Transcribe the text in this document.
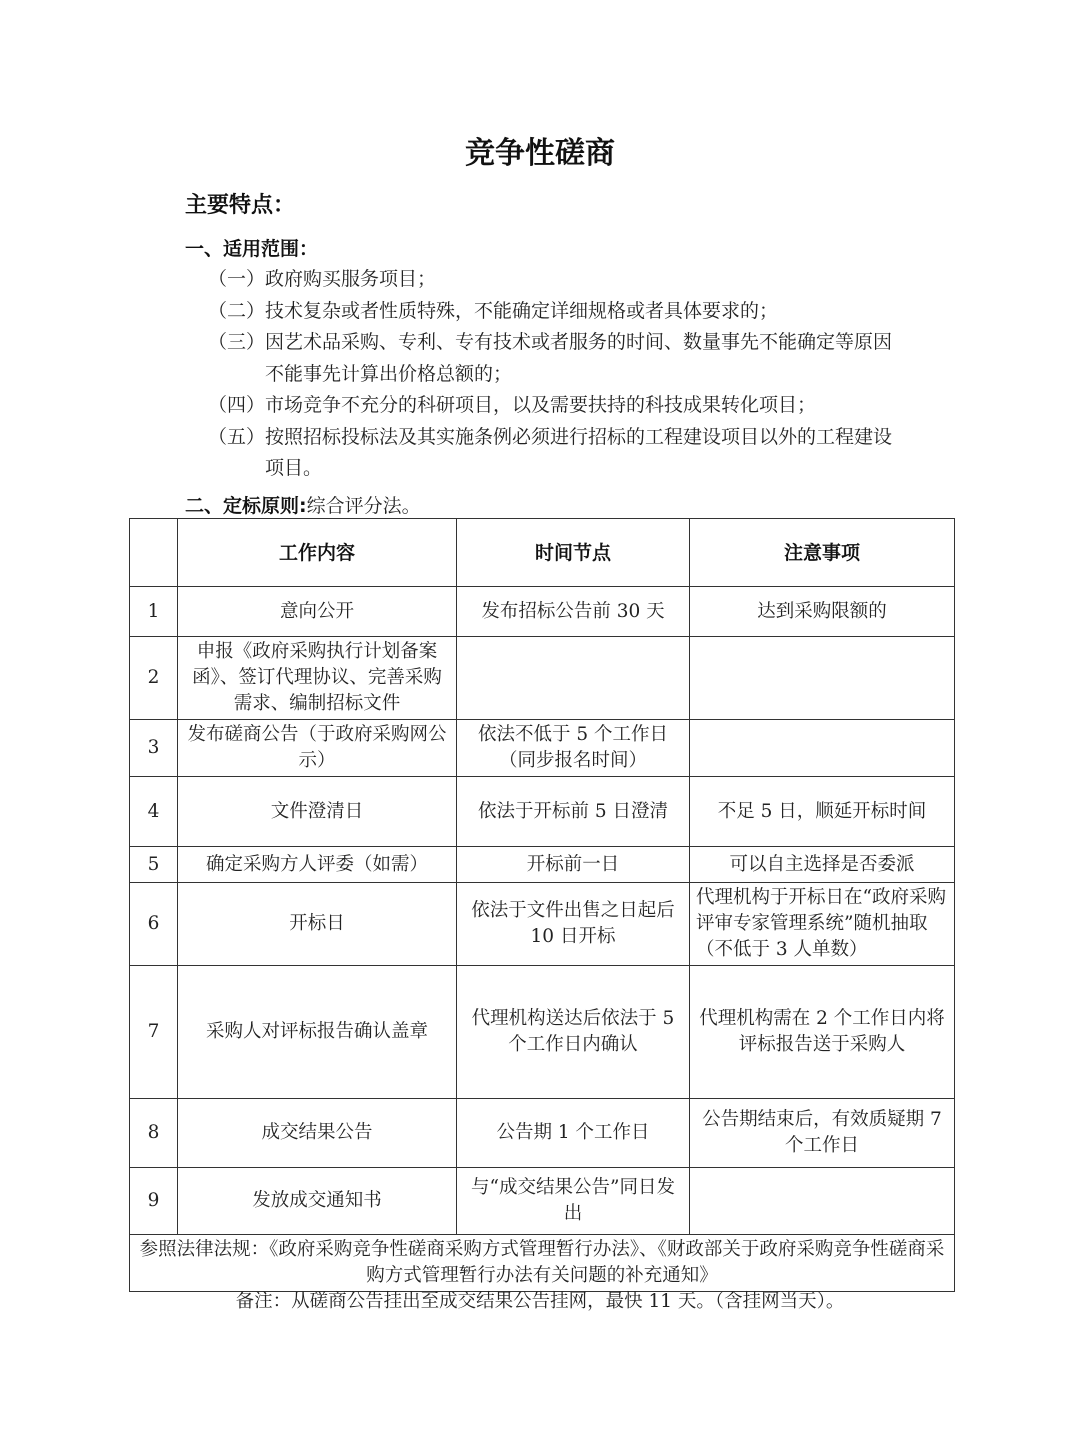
竞争性磋商
主要特点：
一、适用范围：
（一） 政府购买服务项目；
（二） 技术复杂或者性质特殊，不能确定详细规格或者具体要求的；
（三） 因艺术品采购、专利、专有技术或者服务的时间、数量事先不能确定等原因不能事先计算出价格总额的；
（四） 市场竞争不充分的科研项目，以及需要扶持的科技成果转化项目；
（五） 按照招标投标法及其实施条例必须进行招标的工程建设项目以外的工程建设项目。
二、定标原则:综合评分法。
	工作内容	时间节点	注意事项
1	意向公开	发布招标公告前 30 天	达到采购限额的
2	申报《政府采购执行计划备案函》、签订代理协议、完善采购需求、编制招标文件		
3	发布磋商公告（于政府采购网公示）	依法不低于 5 个工作日（同步报名时间）	
4	文件澄清日	依法于开标前 5 日澄清	不足 5 日，顺延开标时间
5	确定采购方人评委（如需）	开标前一日	可以自主选择是否委派
6	开标日	依法于文件出售之日起后 10 日开标	代理机构于开标日在“政府采购评审专家管理系统”随机抽取（不低于 3 人单数）
7	采购人对评标报告确认盖章	代理机构送达后依法于 5 个工作日内确认	代理机构需在 2 个工作日内将评标报告送于采购人
8	成交结果公告	公告期 1 个工作日	公告期结束后，有效质疑期 7 个工作日
9	发放成交通知书	与“成交结果公告”同日发出	
参照法律法规：《政府采购竞争性磋商采购方式管理暂行办法》、《财政部关于政府采购竞争性磋商采购方式管理暂行办法有关问题的补充通知》			
备注：从磋商公告挂出至成交结果公告挂网，最快 11 天。（含挂网当天）。
